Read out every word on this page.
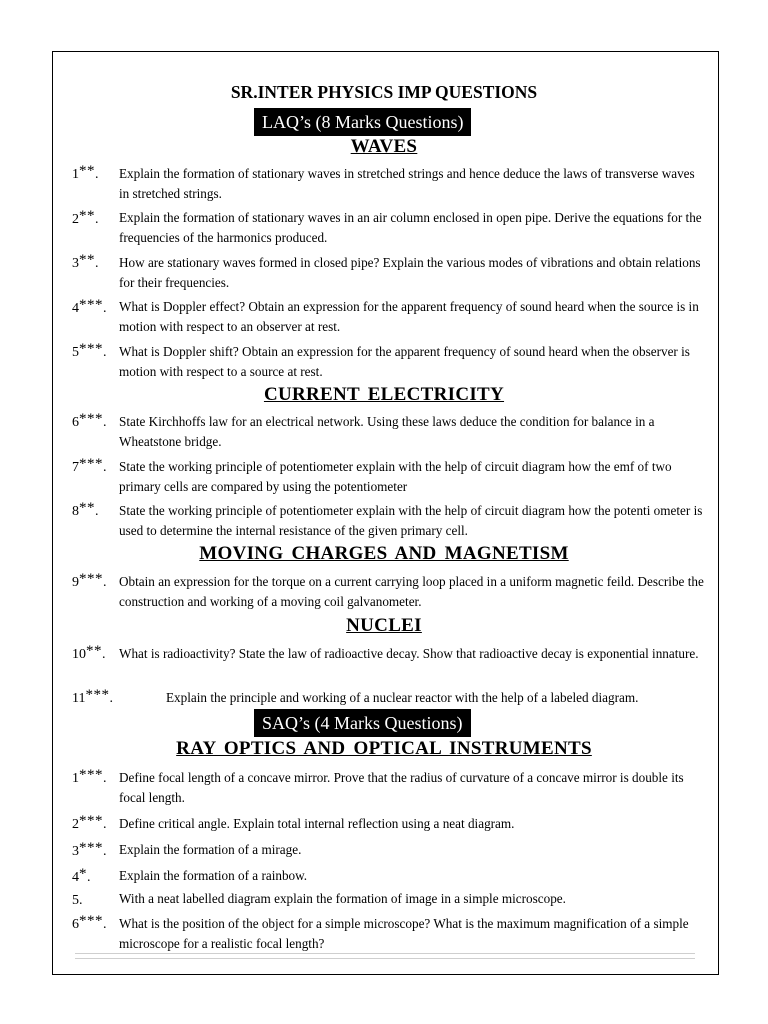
SR.INTER PHYSICS IMP QUESTIONS
LAQ’s (8 Marks Questions)
WAVES
1**. Explain the formation of stationary waves in stretched strings and hence deduce the laws of transverse waves in stretched strings.
2**. Explain the formation of stationary waves in an air column enclosed in open pipe. Derive the equations for the frequencies of the harmonics produced.
3**. How are stationary waves formed in closed pipe? Explain the various modes of vibrations and obtain relations for their frequencies.
4***. What is Doppler effect? Obtain an expression for the apparent frequency of sound heard when the source is in motion with respect to an observer at rest.
5***. What is Doppler shift? Obtain an expression for the apparent frequency of sound heard when the observer is motion with respect to a source at rest.
CURRENT ELECTRICITY
6***. State Kirchhoffs law for an electrical network. Using these laws deduce the condition for balance in a Wheatstone bridge.
7***. State the working principle of potentiometer explain with the help of circuit diagram how the emf of two primary cells are compared by using the potentiometer
8**. State the working principle of potentiometer explain with the help of circuit diagram how the potenti ometer is used to determine the internal resistance of the given primary cell.
MOVING CHARGES AND MAGNETISM
9***. Obtain an expression for the torque on a current carrying loop placed in a uniform magnetic feild. Describe the construction and working of a moving coil galvanometer.
NUCLEI
10**. What is radioactivity? State the law of radioactive decay. Show that radioactive decay is exponential innature.
11***.	Explain the principle and working of a nuclear reactor with the help of a labeled diagram.
SAQ’s (4 Marks Questions)
RAY OPTICS AND OPTICAL INSTRUMENTS
1***. Define focal length of a concave mirror. Prove that the radius of curvature of a concave mirror is double its focal length.
2***. Define critical angle. Explain total internal reflection using a neat diagram.
3***. Explain the formation of a mirage.
4*. Explain the formation of a rainbow.
5.	With a neat labelled diagram explain the formation of image in a simple microscope.
6***. What is the position of the object for a simple microscope? What is the maximum magnification of a simple microscope for a realistic focal length?
